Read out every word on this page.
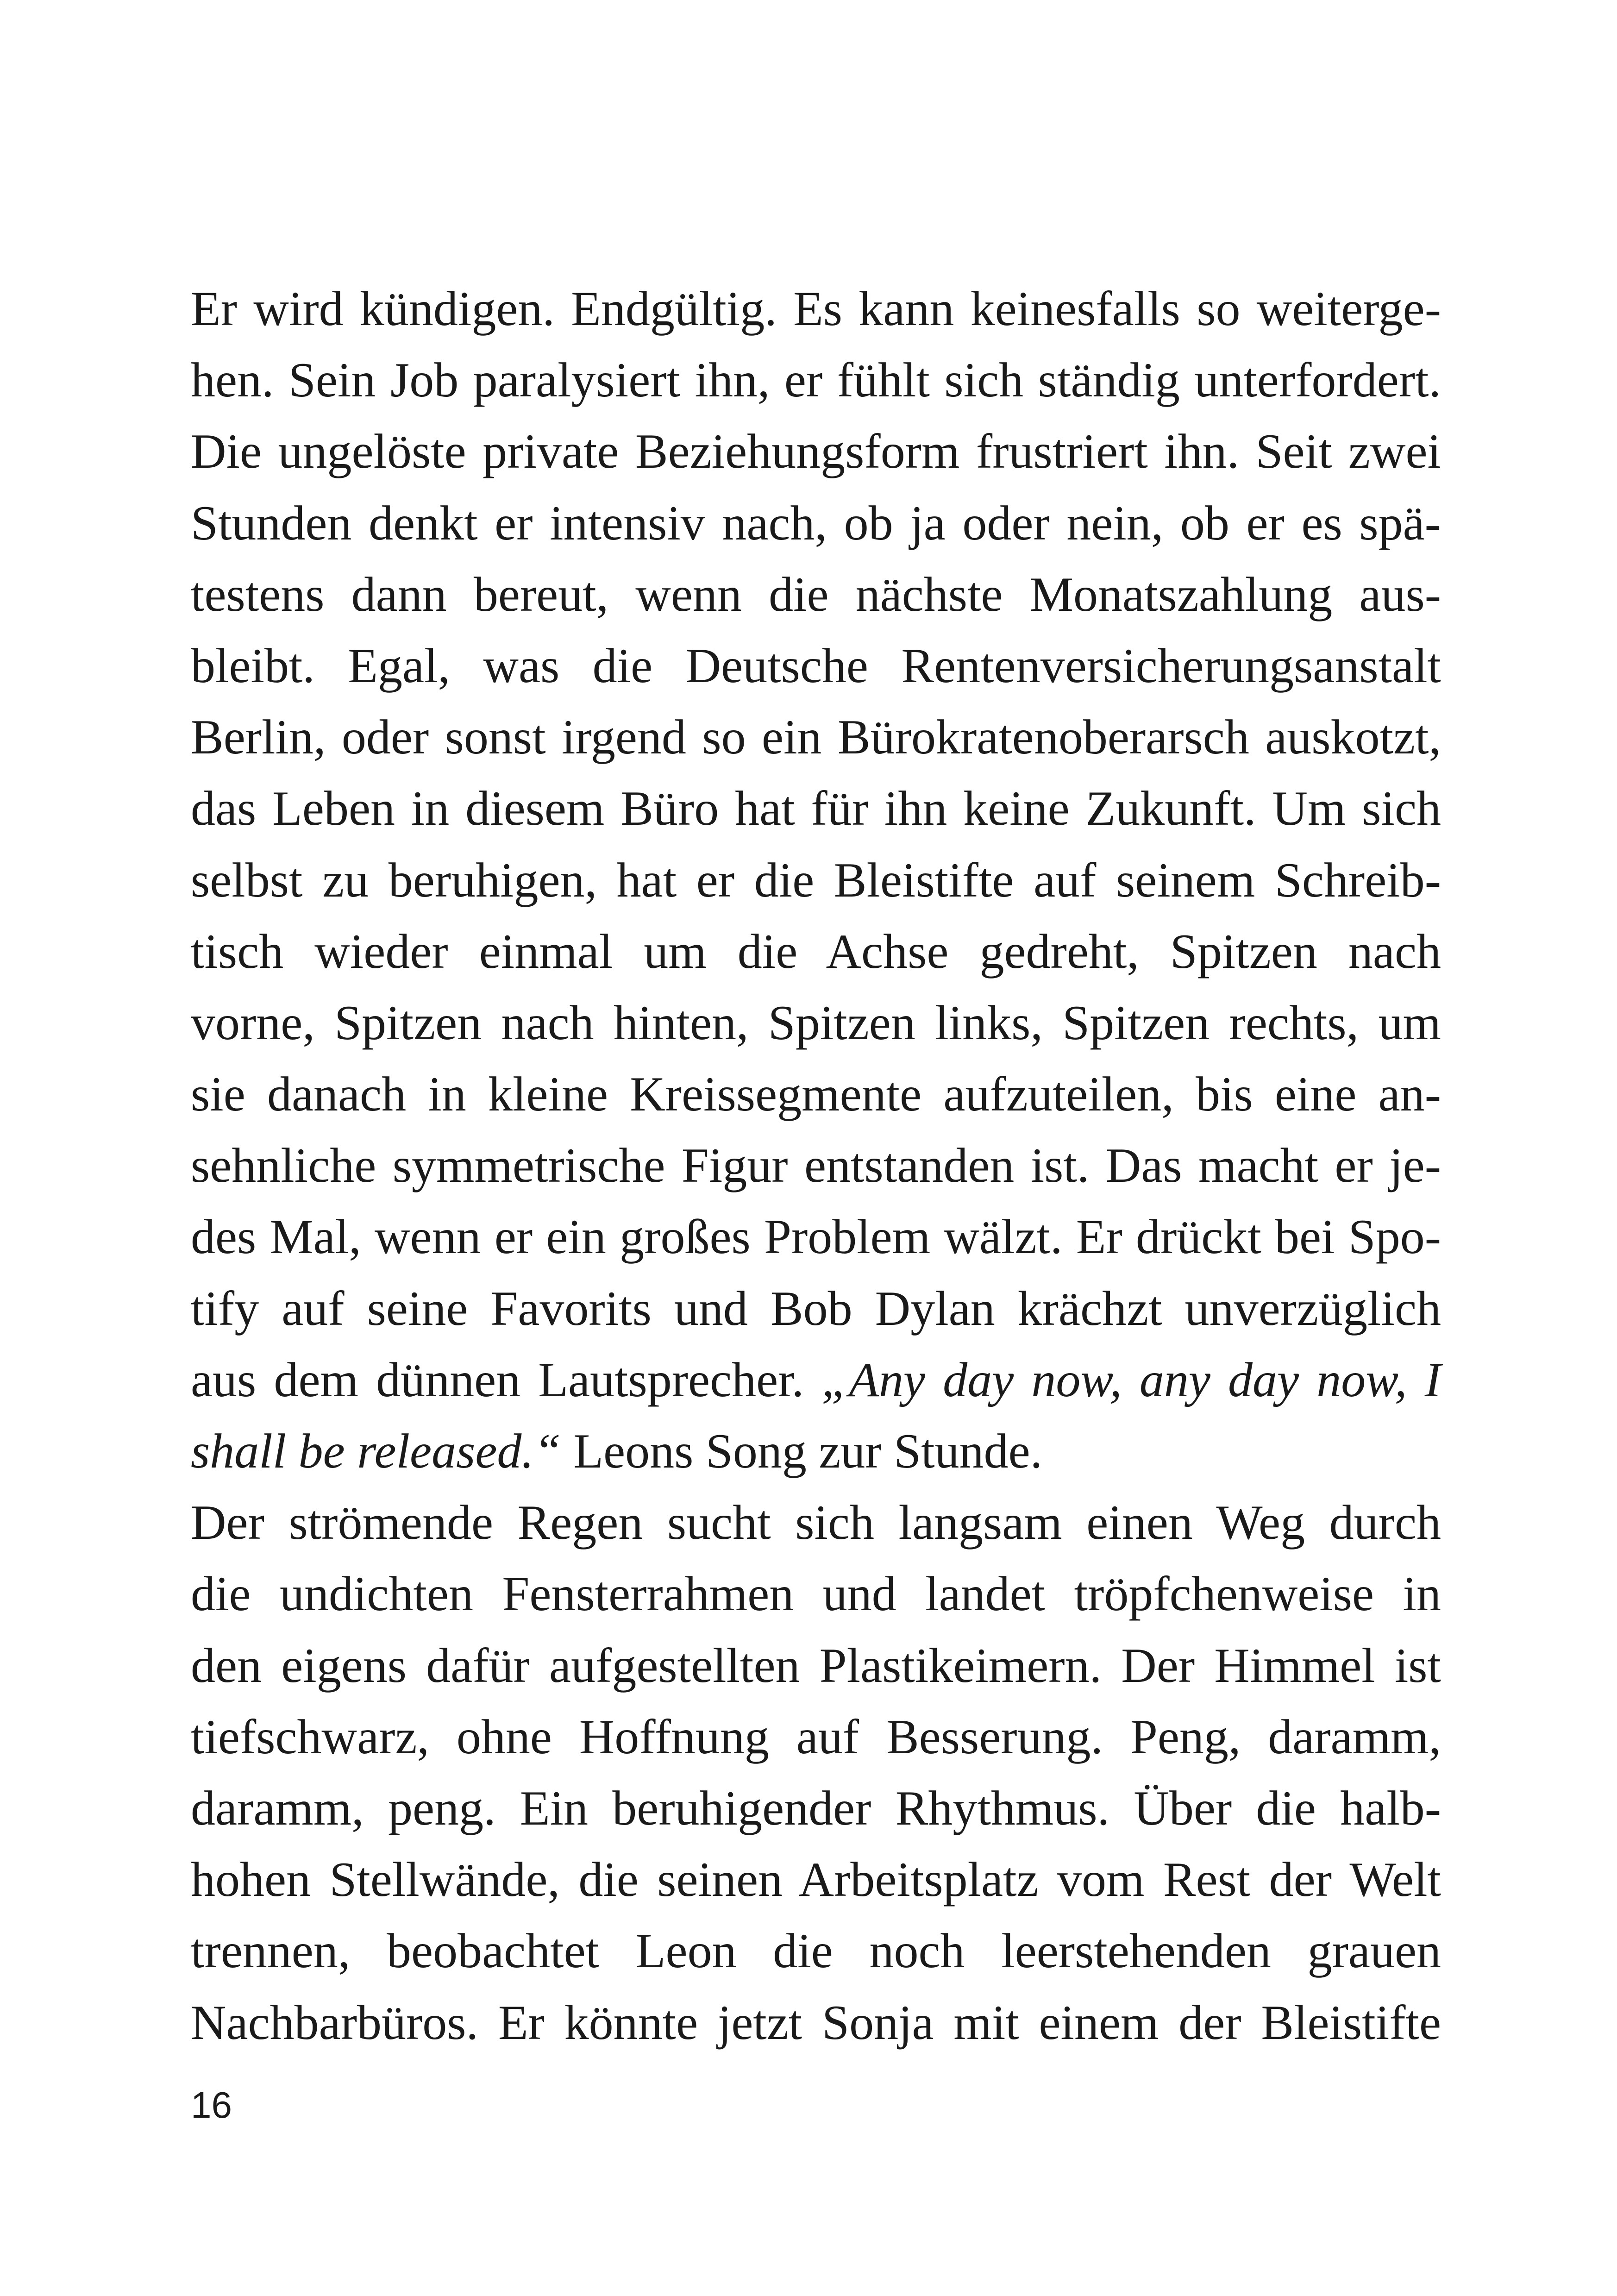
Er wird kündigen. Endgültig. Es kann keinesfalls so weiterge-
hen. Sein Job paralysiert ihn, er fühlt sich ständig unterfordert.
Die ungelöste private Beziehungsform frustriert ihn. Seit zwei
Stunden denkt er intensiv nach, ob ja oder nein, ob er es spä-
testens dann bereut, wenn die nächste Monatszahlung aus-
bleibt. Egal, was die Deutsche Rentenversicherungsanstalt
Berlin, oder sonst irgend so ein Bürokratenoberarsch auskotzt,
das Leben in diesem Büro hat für ihn keine Zukunft. Um sich
selbst zu beruhigen, hat er die Bleistifte auf seinem Schreib-
tisch wieder einmal um die Achse gedreht, Spitzen nach
vorne, Spitzen nach hinten, Spitzen links, Spitzen rechts, um
sie danach in kleine Kreissegmente aufzuteilen, bis eine an-
sehnliche symmetrische Figur entstanden ist. Das macht er je-
des Mal, wenn er ein großes Problem wälzt. Er drückt bei Spo-
tify auf seine Favorits und Bob Dylan krächzt unverzüglich
aus dem dünnen Lautsprecher. „Any day now, any day now, I
shall be released.“ Leons Song zur Stunde.
Der strömende Regen sucht sich langsam einen Weg durch
die undichten Fensterrahmen und landet tröpfchenweise in
den eigens dafür aufgestellten Plastikeimern. Der Himmel ist
tiefschwarz, ohne Hoffnung auf Besserung. Peng, daramm,
daramm, peng. Ein beruhigender Rhythmus. Über die halb-
hohen Stellwände, die seinen Arbeitsplatz vom Rest der Welt
trennen, beobachtet Leon die noch leerstehenden grauen
Nachbarbüros. Er könnte jetzt Sonja mit einem der Bleistifte
16
